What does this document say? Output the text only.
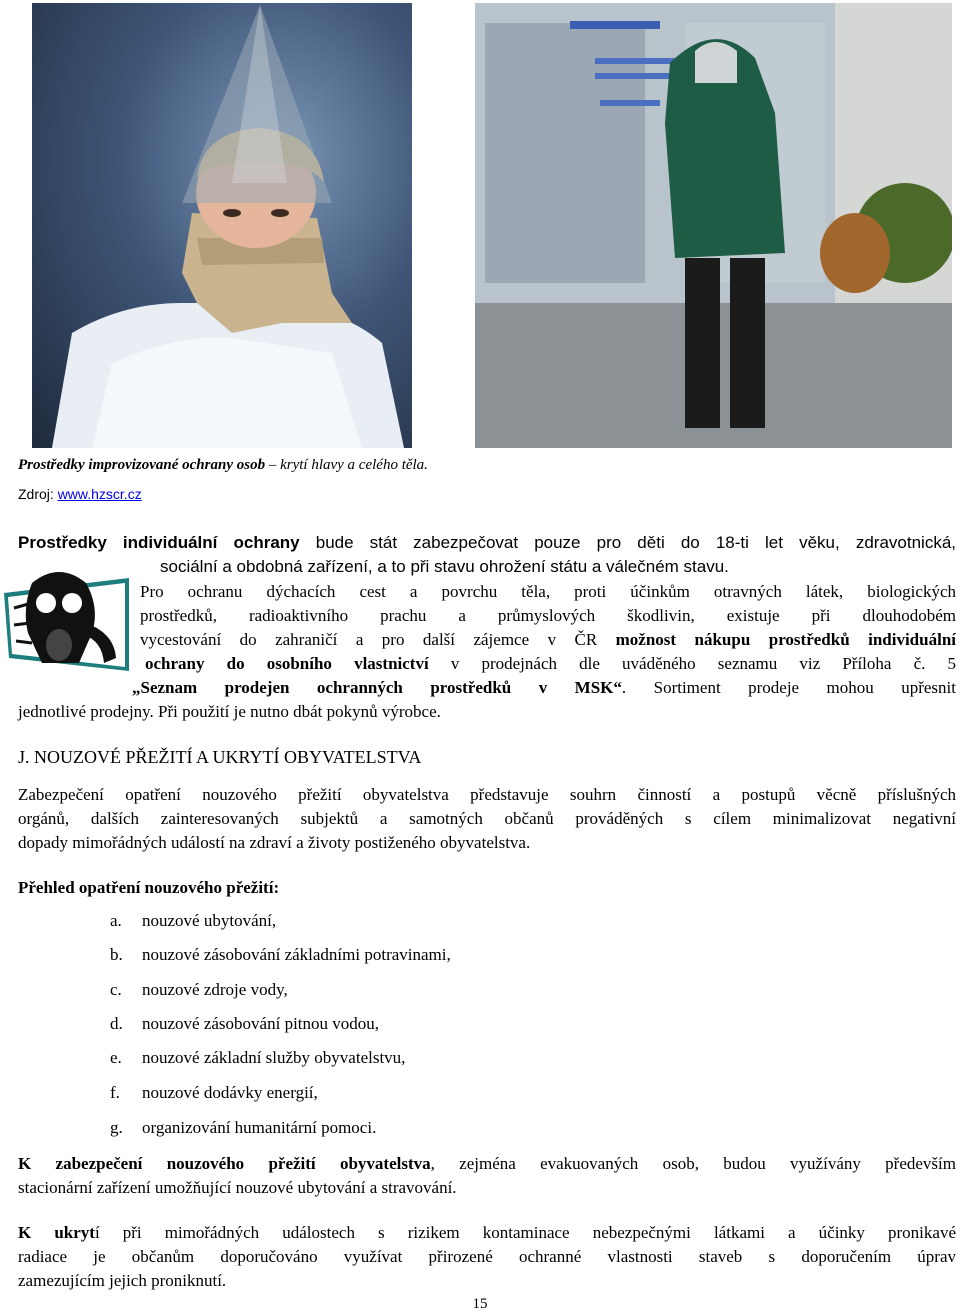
Prostředky improvizované ochrany osob – krytí hlavy a celého těla.
Zdroj: www.hzscr.cz
Prostředky individuální ochrany bude stát zabezpečovat pouze pro děti do 18-ti let věku, zdravotnická,
sociální a obdobná zařízení, a to při stavu ohrožení státu a válečném stavu.
Pro ochranu dýchacích cest a povrchu těla, proti účinkům otravných látek, biologických
prostředků, radioaktivního prachu a průmyslových škodlivin, existuje při dlouhodobém
vycestování do zahraničí a pro další zájemce v ČR možnost nákupu prostředků individuální
ochrany do osobního vlastnictví v prodejnách dle uváděného seznamu viz Příloha č. 5
„Seznam prodejen ochranných prostředků v MSK“. Sortiment prodeje mohou upřesnit
jednotlivé prodejny. Při použití je nutno dbát pokynů výrobce.
J. NOUZOVÉ PŘEŽITÍ A UKRYTÍ OBYVATELSTVA
Zabezpečení opatření nouzového přežití obyvatelstva představuje souhrn činností a postupů věcně příslušných
orgánů, dalších zainteresovaných subjektů a samotných občanů prováděných s cílem minimalizovat negativní
dopady mimořádných událostí na zdraví a životy postiženého obyvatelstva.
Přehled opatření nouzového přežití:
a. nouzové ubytování,
b. nouzové zásobování základními potravinami,
c. nouzové zdroje vody,
d. nouzové zásobování pitnou vodou,
e. nouzové základní služby obyvatelstvu,
f. nouzové dodávky energií,
g. organizování humanitární pomoci.
K zabezpečení nouzového přežití obyvatelstva, zejména evakuovaných osob, budou využívány především
stacionární zařízení umožňující nouzové ubytování a stravování.
K ukrytí při mimořádných událostech s rizikem kontaminace nebezpečnými látkami a účinky pronikavé
radiace je občanům doporučováno využívat přirozené ochranné vlastnosti staveb s doporučením úprav
zamezujícím jejich proniknutí.
15
